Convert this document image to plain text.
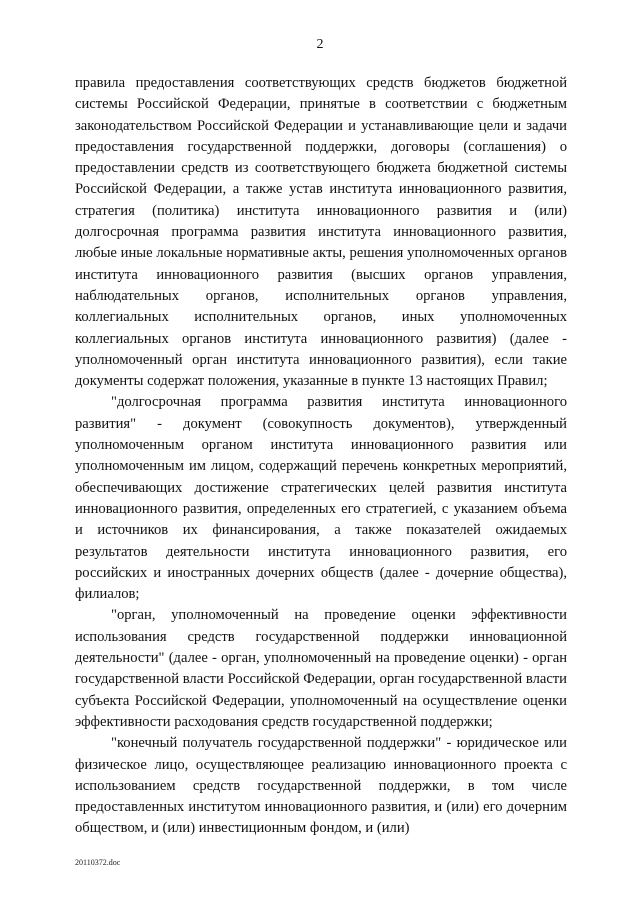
2

правила предоставления соответствующих средств бюджетов бюджетной системы Российской Федерации, принятые в соответствии с бюджетным законодательством Российской Федерации и устанавливающие цели и задачи предоставления государственной поддержки, договоры (соглашения) о предоставлении средств из соответствующего бюджета бюджетной системы Российской Федерации, а также устав института инновационного развития, стратегия (политика) института инновационного развития и (или) долгосрочная программа развития института инновационного развития, любые иные локальные нормативные акты, решения уполномоченных органов института инновационного развития (высших органов управления, наблюдательных органов, исполнительных органов управления, коллегиальных исполнительных органов, иных уполномоченных коллегиальных органов института инновационного развития) (далее - уполномоченный орган института инновационного развития), если такие документы содержат положения, указанные в пункте 13 настоящих Правил;

"долгосрочная программа развития института инновационного развития" - документ (совокупность документов), утвержденный уполномоченным органом института инновационного развития или уполномоченным им лицом, содержащий перечень конкретных мероприятий, обеспечивающих достижение стратегических целей развития института инновационного развития, определенных его стратегией, с указанием объема и источников их финансирования, а также показателей ожидаемых результатов деятельности института инновационного развития, его российских и иностранных дочерних обществ (далее - дочерние общества), филиалов;

"орган, уполномоченный на проведение оценки эффективности использования средств государственной поддержки инновационной деятельности" (далее - орган, уполномоченный на проведение оценки) - орган государственной власти Российской Федерации, орган государственной власти субъекта Российской Федерации, уполномоченный на осуществление оценки эффективности расходования средств государственной поддержки;

"конечный получатель государственной поддержки" - юридическое или физическое лицо, осуществляющее реализацию инновационного проекта с использованием средств государственной поддержки, в том числе предоставленных институтом инновационного развития, и (или) его дочерним обществом, и (или) инвестиционным фондом, и (или)

20110372.doc
